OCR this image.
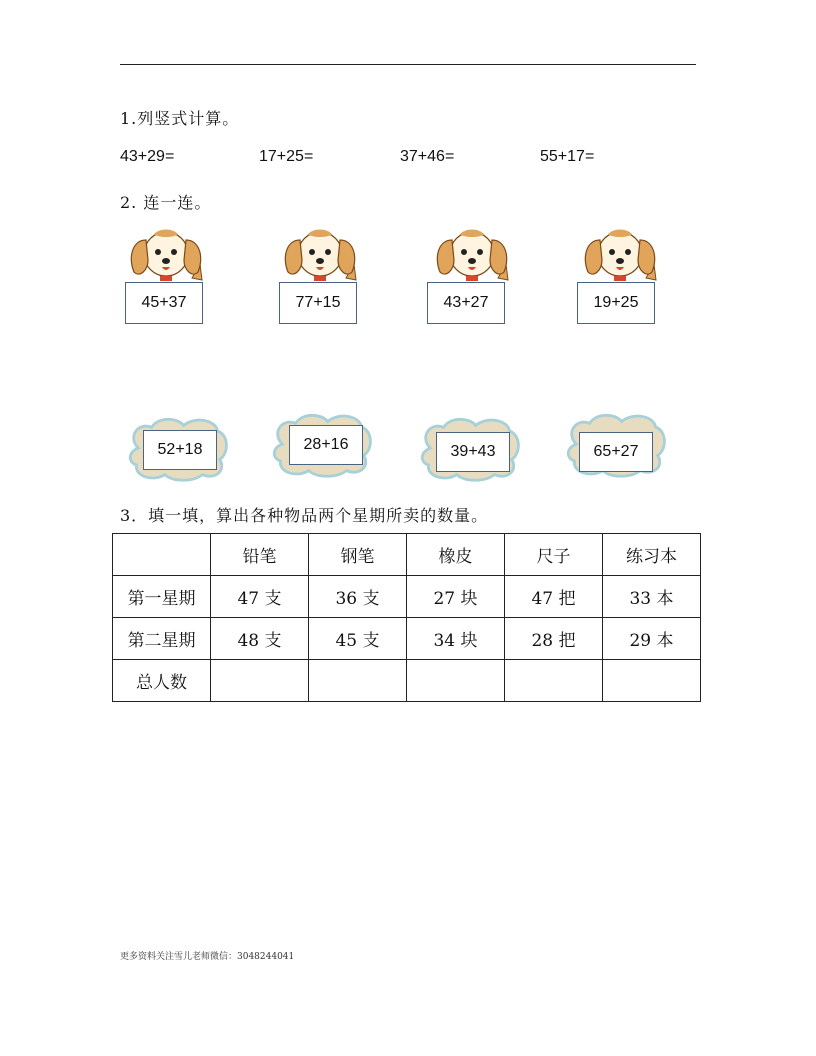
1.列竖式计算。
43+29=	17+25=	37+46=	55+17=
2. 连一连。
45+37	77+15	43+27	19+25
52+18	28+16	39+43	65+27
3．填一填，算出各种物品两个星期所卖的数量。
	铅笔	钢笔	橡皮	尺子	练习本
第一星期	47 支	36 支	27 块	47 把	33 本
第二星期	48 支	45 支	34 块	28 把	29 本
总人数					
更多资料关注雪儿老师微信：3048244041
